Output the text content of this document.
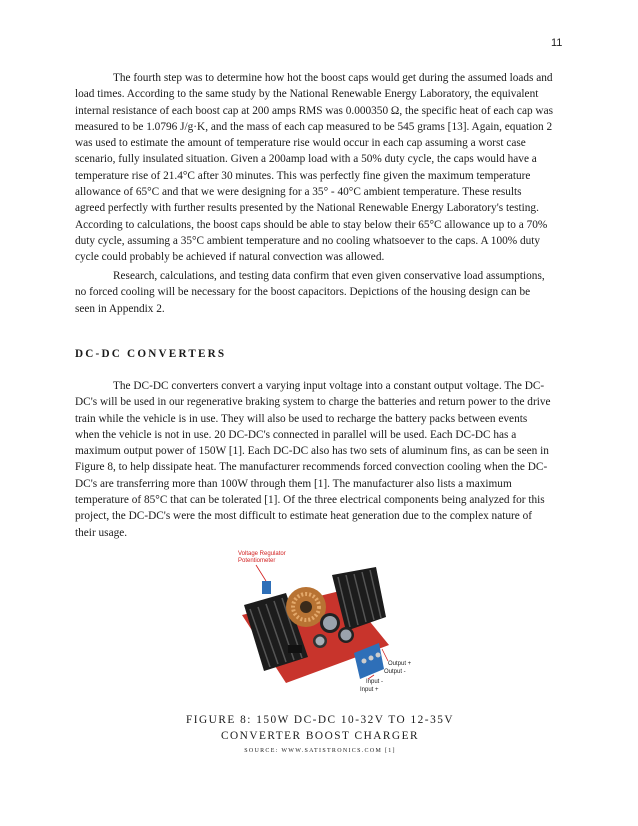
11
The fourth step was to determine how hot the boost caps would get during the assumed loads and
load times. According to the same study by the National Renewable Energy Laboratory, the equivalent
internal resistance of each boost cap at 200 amps RMS was 0.000350 Ω, the specific heat of each cap was
measured to be 1.0796 J/g·K, and the mass of each cap measured to be 545 grams [13]. Again, equation 2
was used to estimate the amount of temperature rise would occur in each cap assuming a worst case
scenario, fully insulated situation. Given a 200amp load with a 50% duty cycle, the caps would have a
temperature rise of 21.4°C after 30 minutes. This was perfectly fine given the maximum temperature
allowance of 65°C and that we were designing for a 35° - 40°C ambient temperature. These results
agreed perfectly with further results presented by the National Renewable Energy Laboratory's testing.
According to calculations, the boost caps should be able to stay below their 65°C allowance up to a 70%
duty cycle, assuming a 35°C ambient temperature and no cooling whatsoever to the caps. A 100% duty
cycle could probably be achieved if natural convection was allowed.
Research, calculations, and testing data confirm that even given conservative load assumptions,
no forced cooling will be necessary for the boost capacitors. Depictions of the housing design can be
seen in Appendix 2.
DC-DC CONVERTERS
The DC-DC converters convert a varying input voltage into a constant output voltage. The DC-
DC's will be used in our regenerative braking system to charge the batteries and return power to the drive
train while the vehicle is in use. They will also be used to recharge the battery packs between events
when the vehicle is not in use. 20 DC-DC's connected in parallel will be used. Each DC-DC has a
maximum output power of 150W [1]. Each DC-DC also has two sets of aluminum fins, as can be seen in
Figure 8, to help dissipate heat. The manufacturer recommends forced convection cooling when the DC-
DC's are transferring more than 100W through them [1]. The manufacturer also lists a maximum
temperature of 85°C that can be tolerated [1]. Of the three electrical components being analyzed for this
project, the DC-DC's were the most difficult to estimate heat generation due to the complex nature of
their usage.
Voltage Regulator
Potentiometer
Output +
Output -
Input -
Input +
FIGURE 8: 150W DC-DC 10-32V TO 12-35V
CONVERTER BOOST CHARGER
SOURCE: WWW.SATISTRONICS.COM [1]
